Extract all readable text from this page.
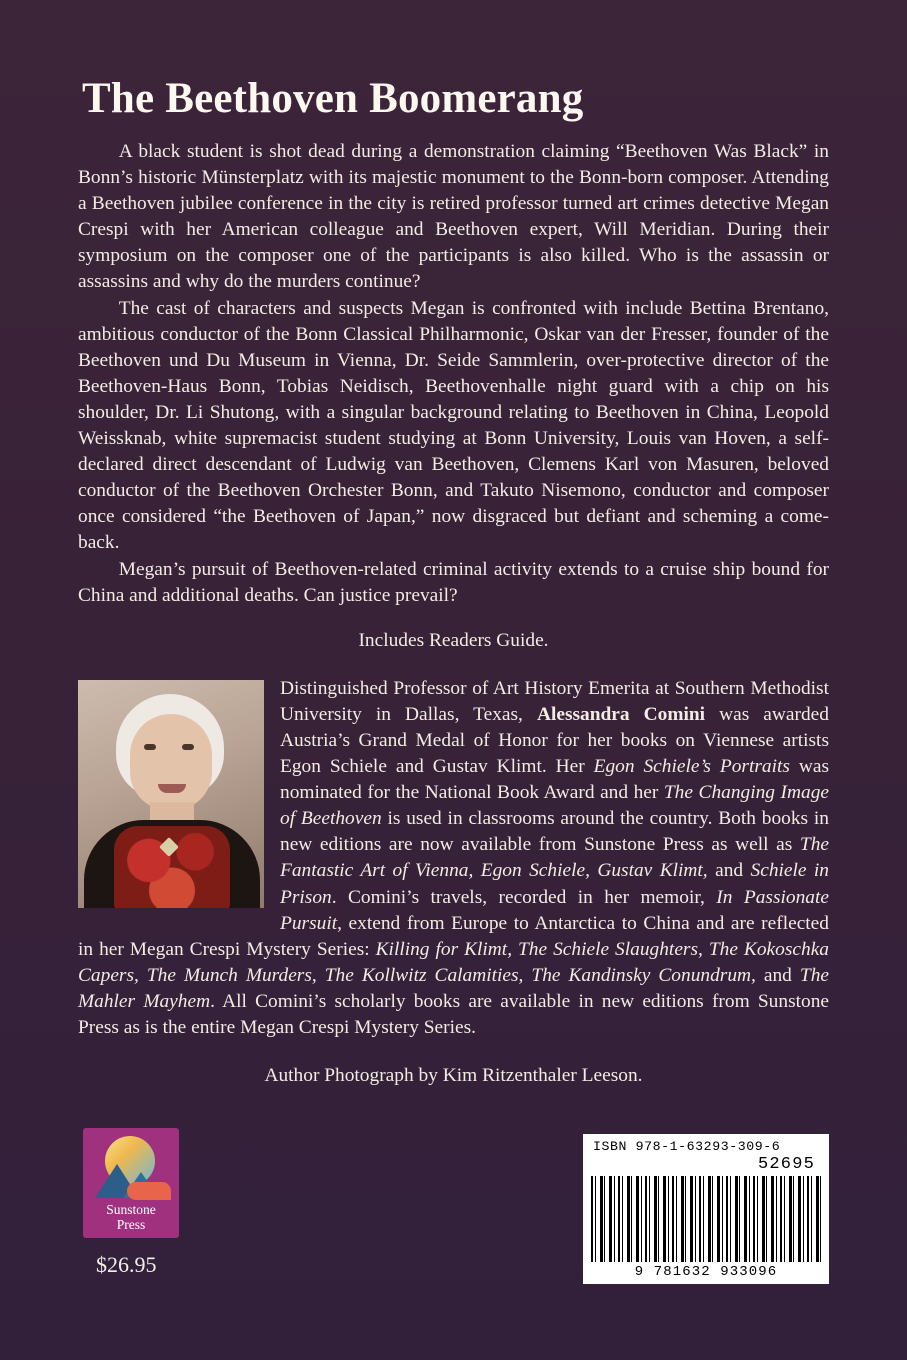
The Beethoven Boomerang

A black student is shot dead during a demonstration claiming “Beethoven Was Black” in Bonn’s historic Münsterplatz with its majestic monument to the Bonn-born composer. Attending a Beethoven jubilee conference in the city is retired professor turned art crimes detective Megan Crespi with her American colleague and Beethoven expert, Will Meridian. During their symposium on the composer one of the participants is also killed. Who is the assassin or assassins and why do the murders continue?

The cast of characters and suspects Megan is confronted with include Bettina Brentano, ambitious conductor of the Bonn Classical Philharmonic, Oskar van der Fresser, founder of the Beethoven und Du Museum in Vienna, Dr. Seide Sammlerin, over-protective director of the Beethoven-Haus Bonn, Tobias Neidisch, Beethovenhalle night guard with a chip on his shoulder, Dr. Li Shutong, with a singular background relating to Beethoven in China, Leopold Weissknab, white supremacist student studying at Bonn University, Louis van Hoven, a self-declared direct descendant of Ludwig van Beethoven, Clemens Karl von Masuren, beloved conductor of the Beethoven Orchester Bonn, and Takuto Nisemono, conductor and composer once considered “the Beethoven of Japan,” now disgraced but defiant and scheming a come-back.

Megan’s pursuit of Beethoven-related criminal activity extends to a cruise ship bound for China and additional deaths. Can justice prevail?

Includes Readers Guide.

Distinguished Professor of Art History Emerita at Southern Methodist University in Dallas, Texas, Alessandra Comini was awarded Austria’s Grand Medal of Honor for her books on Viennese artists Egon Schiele and Gustav Klimt. Her Egon Schiele’s Portraits was nominated for the National Book Award and her The Changing Image of Beethoven is used in classrooms around the country. Both books in new editions are now available from Sunstone Press as well as The Fantastic Art of Vienna, Egon Schiele, Gustav Klimt, and Schiele in Prison. Comini’s travels, recorded in her memoir, In Passionate Pursuit, extend from Europe to Antarctica to China and are reflected in her Megan Crespi Mystery Series: Killing for Klimt, The Schiele Slaughters, The Kokoschka Capers, The Munch Murders, The Kollwitz Calamities, The Kandinsky Conundrum, and The Mahler Mayhem. All Comini’s scholarly books are available in new editions from Sunstone Press as is the entire Megan Crespi Mystery Series.
Author Photograph by Kim Ritzenthaler Leeson.
Sunstone
Press
$26.95
ISBN 978-1-63293-309-6
52695
9 781632 933096
